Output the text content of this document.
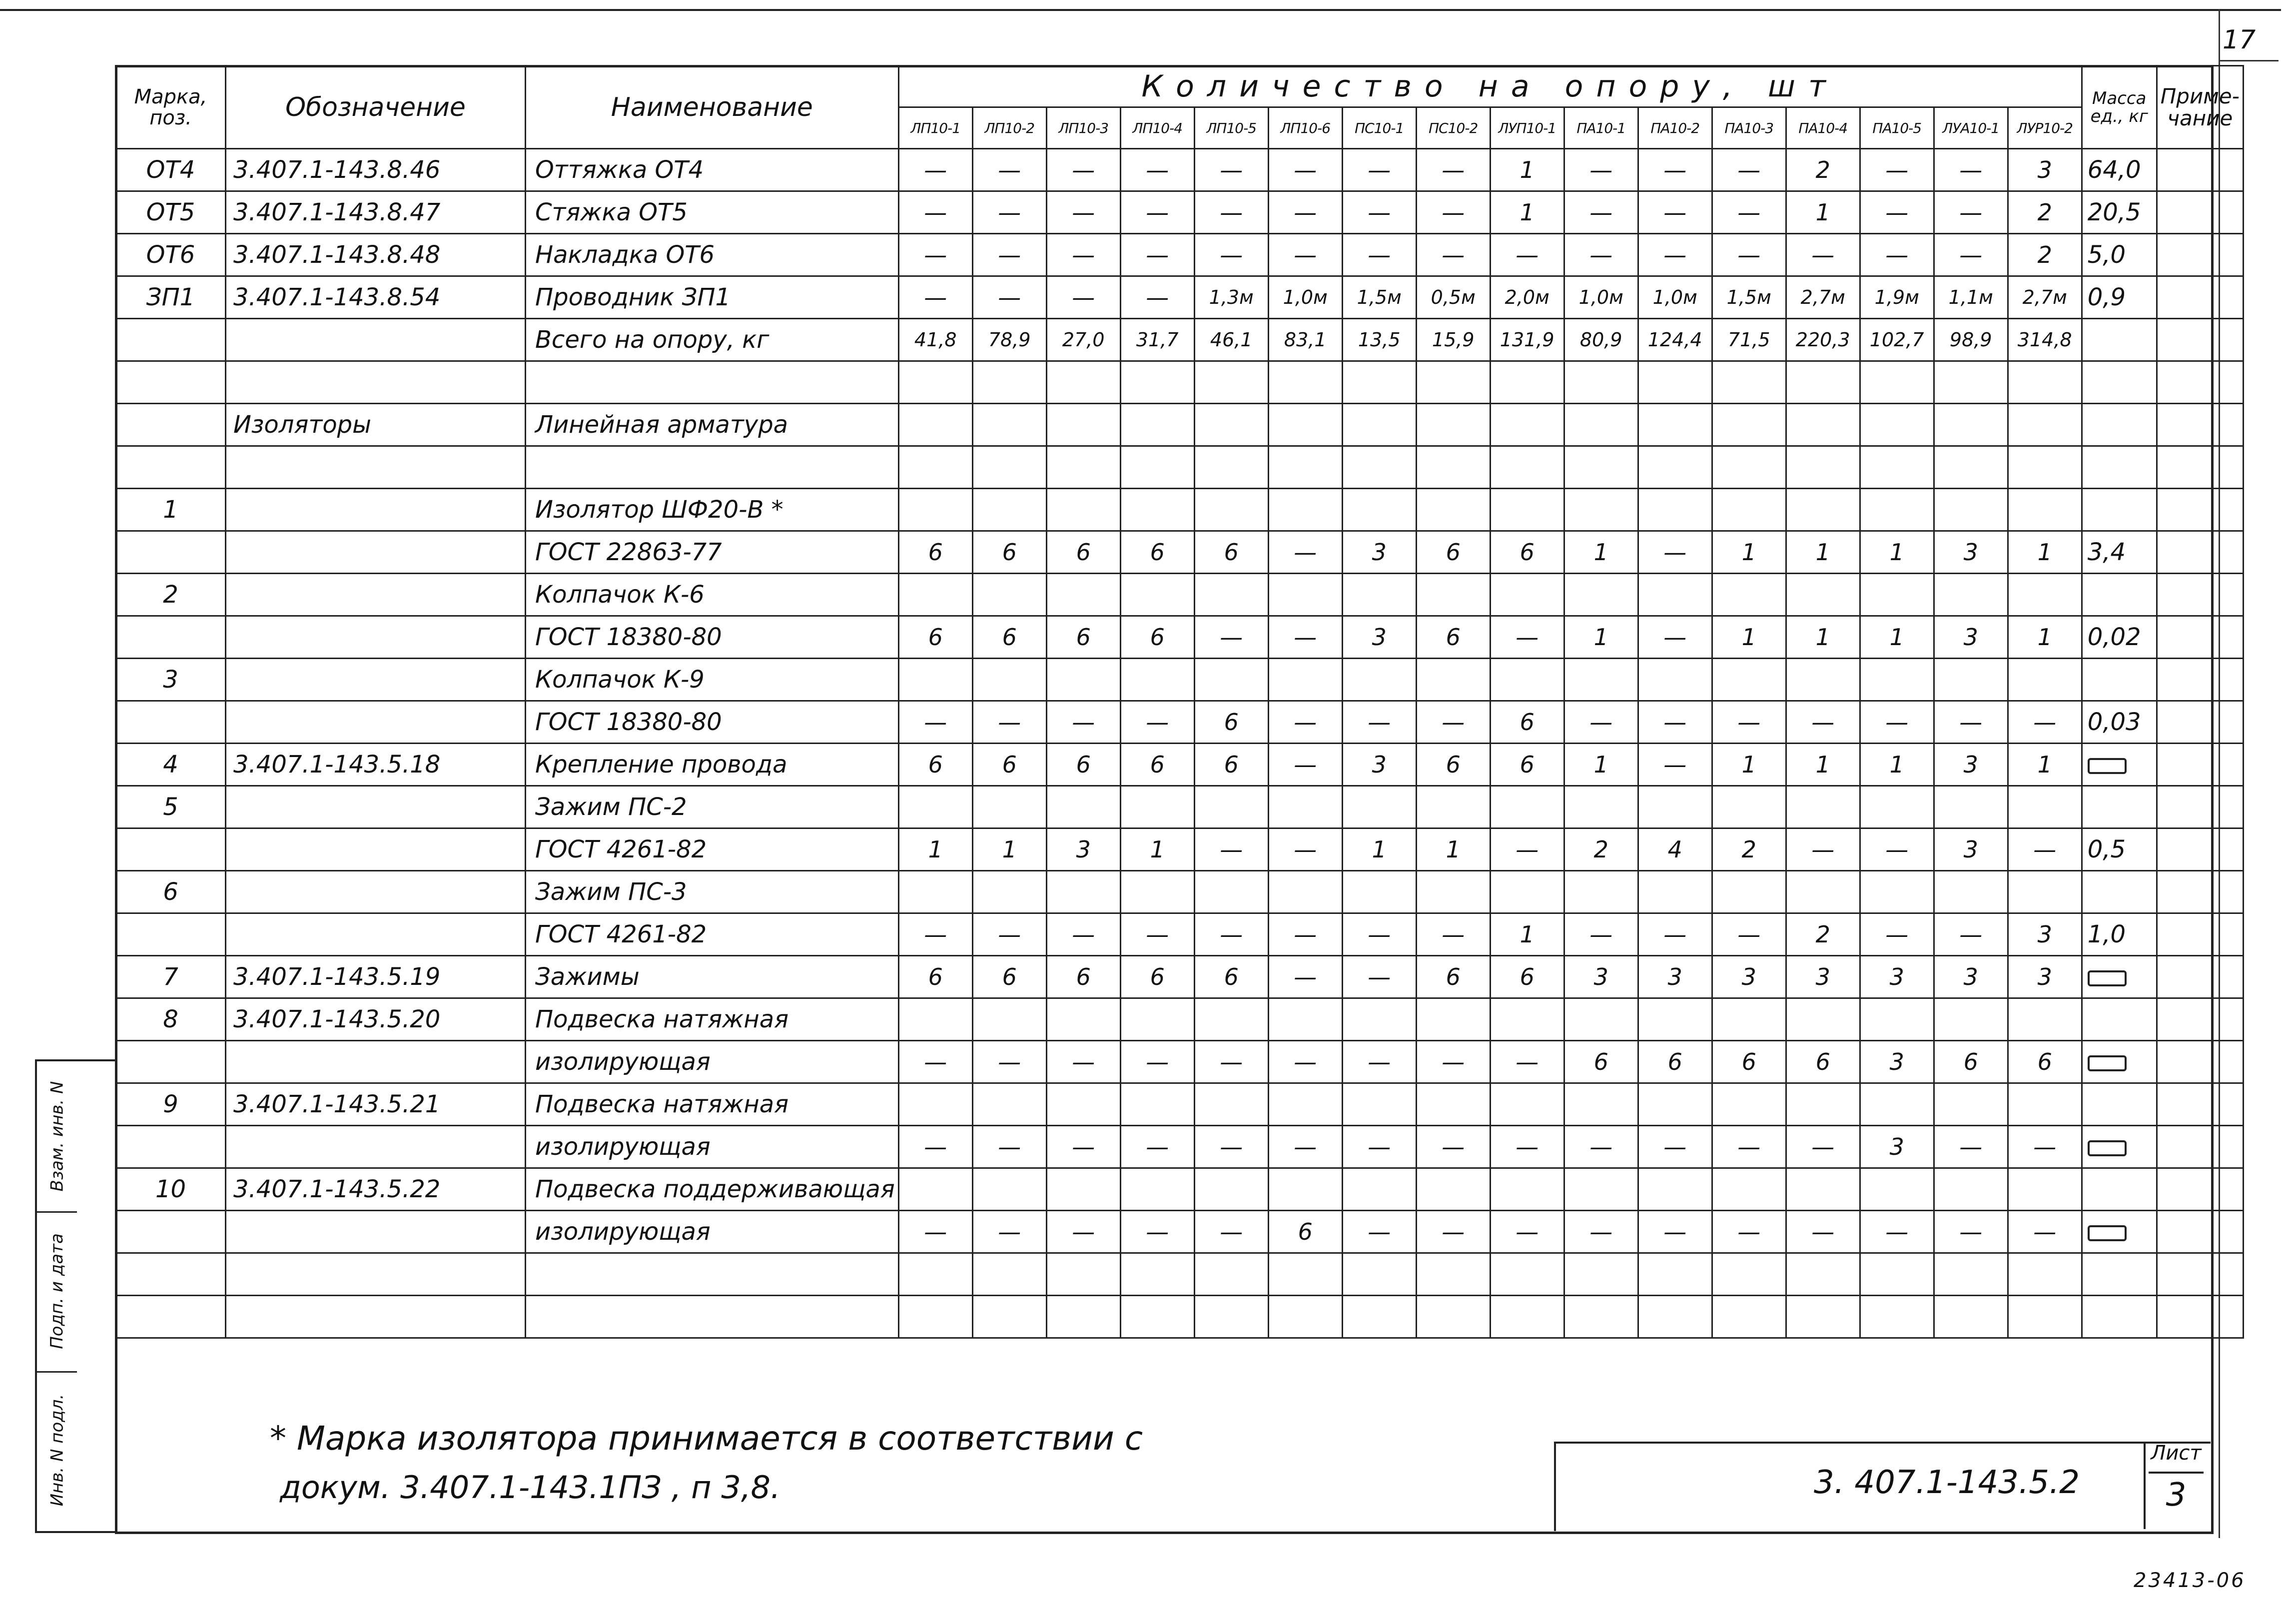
17
Взам. инв. N
Подп. и дата
Инв. N подл.
Марка, поз.	Обозначение	Наименование	Количество на опору, шт																Масса ед., кг	Приме- чание
			ЛП10-1	ЛП10-2	ЛП10-3	ЛП10-4	ЛП10-5	ЛП10-6	ПС10-1	ПС10-2	ЛУП10-1	ПА10-1	ПА10-2	ПА10-3	ПА10-4	ПА10-5	ЛУА10-1	ЛУР10-2		
ОТ4	3.407.1-143.8.46	Оттяжка ОТ4	—	—	—	—	—	—	—	—	1	—	—	—	2	—	—	3	64,0	
ОТ5	3.407.1-143.8.47	Стяжка ОТ5	—	—	—	—	—	—	—	—	1	—	—	—	1	—	—	2	20,5	
ОТ6	3.407.1-143.8.48	Накладка ОТ6	—	—	—	—	—	—	—	—	—	—	—	—	—	—	—	2	5,0	
ЗП1	3.407.1-143.8.54	Проводник ЗП1	—	—	—	—	1,3м	1,0м	1,5м	0,5м	2,0м	1,0м	1,0м	1,5м	2,7м	1,9м	1,1м	2,7м	0,9	
		Всего на опору, кг	41,8	78,9	27,0	31,7	46,1	83,1	13,5	15,9	131,9	80,9	124,4	71,5	220,3	102,7	98,9	314,8		

	Изоляторы	Линейная арматура																		

1		Изолятор ШФ20-В *																		
		ГОСТ 22863-77	6	6	6	6	6	—	3	6	6	1	—	1	1	1	3	1	3,4	
2		Колпачок К-6																		
		ГОСТ 18380-80	6	6	6	6	—	—	3	6	—	1	—	1	1	1	3	1	0,02	
3		Колпачок К-9																		
		ГОСТ 18380-80	—	—	—	—	6	—	—	—	6	—	—	—	—	—	—	—	0,03	
4	3.407.1-143.5.18	Крепление провода	6	6	6	6	6	—	3	6	6	1	—	1	1	1	3	1		
5		Зажим ПС-2																		
		ГОСТ 4261-82	1	1	3	1	—	—	1	1	—	2	4	2	—	—	3	—	0,5	
6		Зажим ПС-3																		
		ГОСТ 4261-82	—	—	—	—	—	—	—	—	1	—	—	—	2	—	—	3	1,0	
7	3.407.1-143.5.19	Зажимы	6	6	6	6	6	—	—	6	6	3	3	3	3	3	3	3		
8	3.407.1-143.5.20	Подвеска натяжная																		
		изолирующая	—	—	—	—	—	—	—	—	—	6	6	6	6	3	6	6		
9	3.407.1-143.5.21	Подвеска натяжная																		
		изолирующая	—	—	—	—	—	—	—	—	—	—	—	—	—	3	—	—		
10	3.407.1-143.5.22	Подвеска поддерживающая																		
		изолирующая	—	—	—	—	—	6	—	—	—	—	—	—	—	—	—	—		

* Марка изолятора принимается в соответствии с
докум. 3.407.1-143.1ПЗ , п 3,8.	3. 407.1-143.5.2
Лист
3
23413-06
